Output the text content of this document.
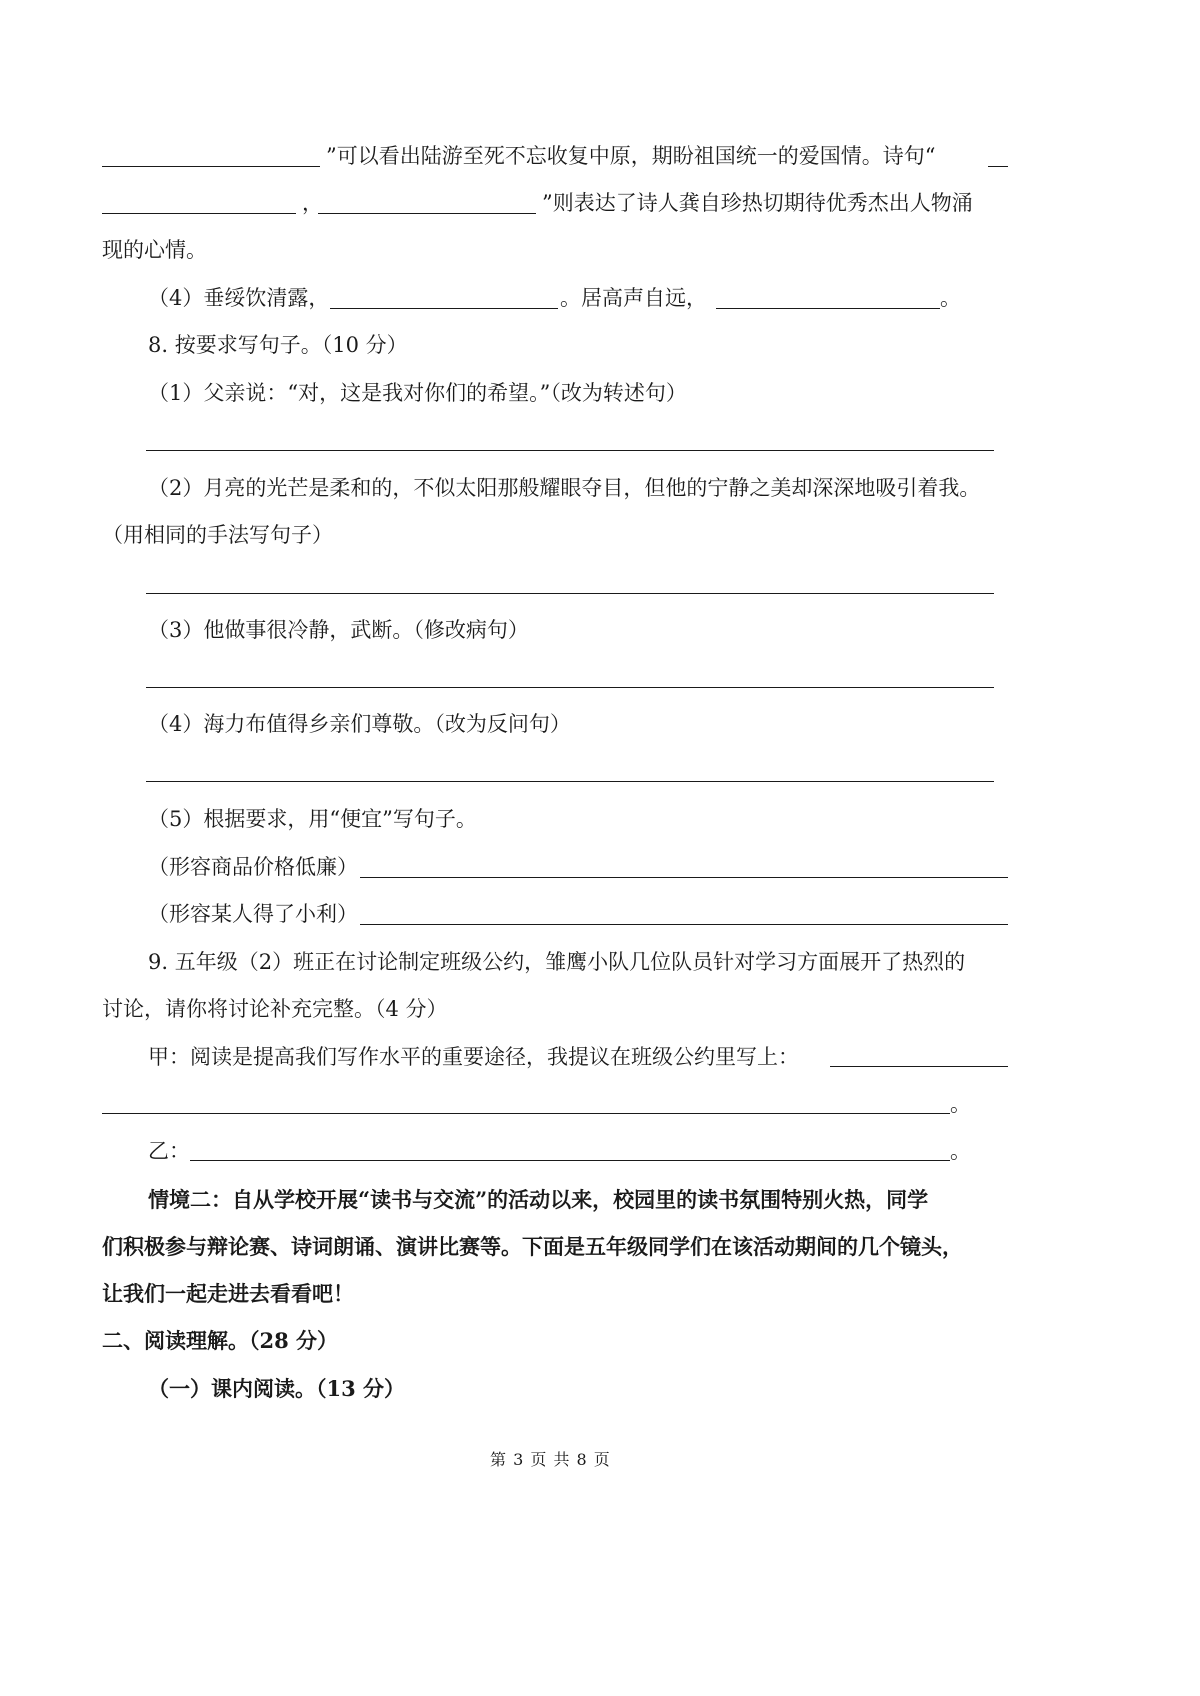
”可以看出陆游至死不忘收复中原，期盼祖国统一的爱国情。诗句“
，	”则表达了诗人龚自珍热切期待优秀杰出人物涌
现的心情。
（4）垂绥饮清露，	。居高声自远，	。
8. 按要求写句子。（10 分）
（1）父亲说：“对，这是我对你们的希望。”（改为转述句）
（2）月亮的光芒是柔和的，不似太阳那般耀眼夺目，但他的宁静之美却深深地吸引着我。
（用相同的手法写句子）
（3）他做事很冷静，武断。（修改病句）
（4）海力布值得乡亲们尊敬。（改为反问句）
（5）根据要求，用“便宜”写句子。
（形容商品价格低廉）
（形容某人得了小利）
9. 五年级（2）班正在讨论制定班级公约，雏鹰小队几位队员针对学习方面展开了热烈的
讨论，请你将讨论补充完整。（4 分）
甲：阅读是提高我们写作水平的重要途径，我提议在班级公约里写上：
。
乙：	。
情境二：自从学校开展“读书与交流”的活动以来，校园里的读书氛围特别火热，同学
们积极参与辩论赛、诗词朗诵、演讲比赛等。下面是五年级同学们在该活动期间的几个镜头，
让我们一起走进去看看吧！
二、阅读理解。（28 分）
（一）课内阅读。（13 分）
第 3 页 共 8 页
